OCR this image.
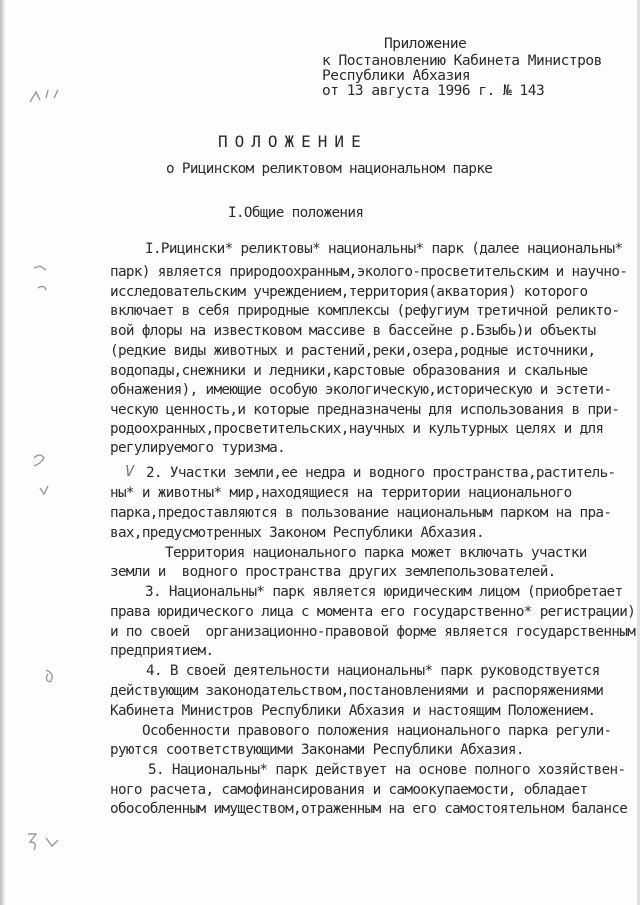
Приложение
к Постановлению Кабинета Министров
Республики Абхазия
от 13 августа 1996 г. № 143
ПОЛОЖЕНИЕ
о Рицинском реликтовом национальном парке
I.Общие положения
I.Рицински* реликтовы* национальны* парк (далее национальны*
парк) является природоохранным,эколого-просветительским и научно-
исследовательским учреждением,территория(акватория) которого
включает в себя природные комплексы (рефугиум третичной реликто-
вой флоры на известковом массиве в бассейне р.Бзыбь)и объекты
(редкие виды животных и растений,реки,озера,родные источники,
водопады,снежники и ледники,карстовые образования и скальные
обнажения), имеющие особую экологическую,историческую и эстети-
ческую ценность,и которые предназначены для использования в при-
родоохранных,просветительских,научных и культурных целях и для
регулируемого туризма.
2. Участки земли,ее недра и водного пространства,раститель-
ны* и животны* мир,находящиеся на территории национального
парка,предоставляются в пользование национальным парком на пра-
вах,предусмотренных Законом Республики Абхазия.
Территория национального парка может включать участки
земли и  водного пространства других землепользователей.
3. Национальны* парк является юридическим лицом (приобретает
права юридического лица с момента его государственно* регистрации)
и по своей  организационно-правовой форме является государственным
предприятием.
4. В своей деятельности национальны* парк руководствуется
действующим законодательством,постановлениями и распоряжениями
Кабинета Министров Республики Абхазия и настоящим Положением.
Особенности правового положения национального парка регули-
руются соответствующими Законами Республики Абхазия.
5. Национальны* парк действует на основе полного хозяйствен-
ного расчета, самофинансирования и самоокупаемости, обладает
обособленным имуществом,отраженным на его самостоятельном балансе
V
